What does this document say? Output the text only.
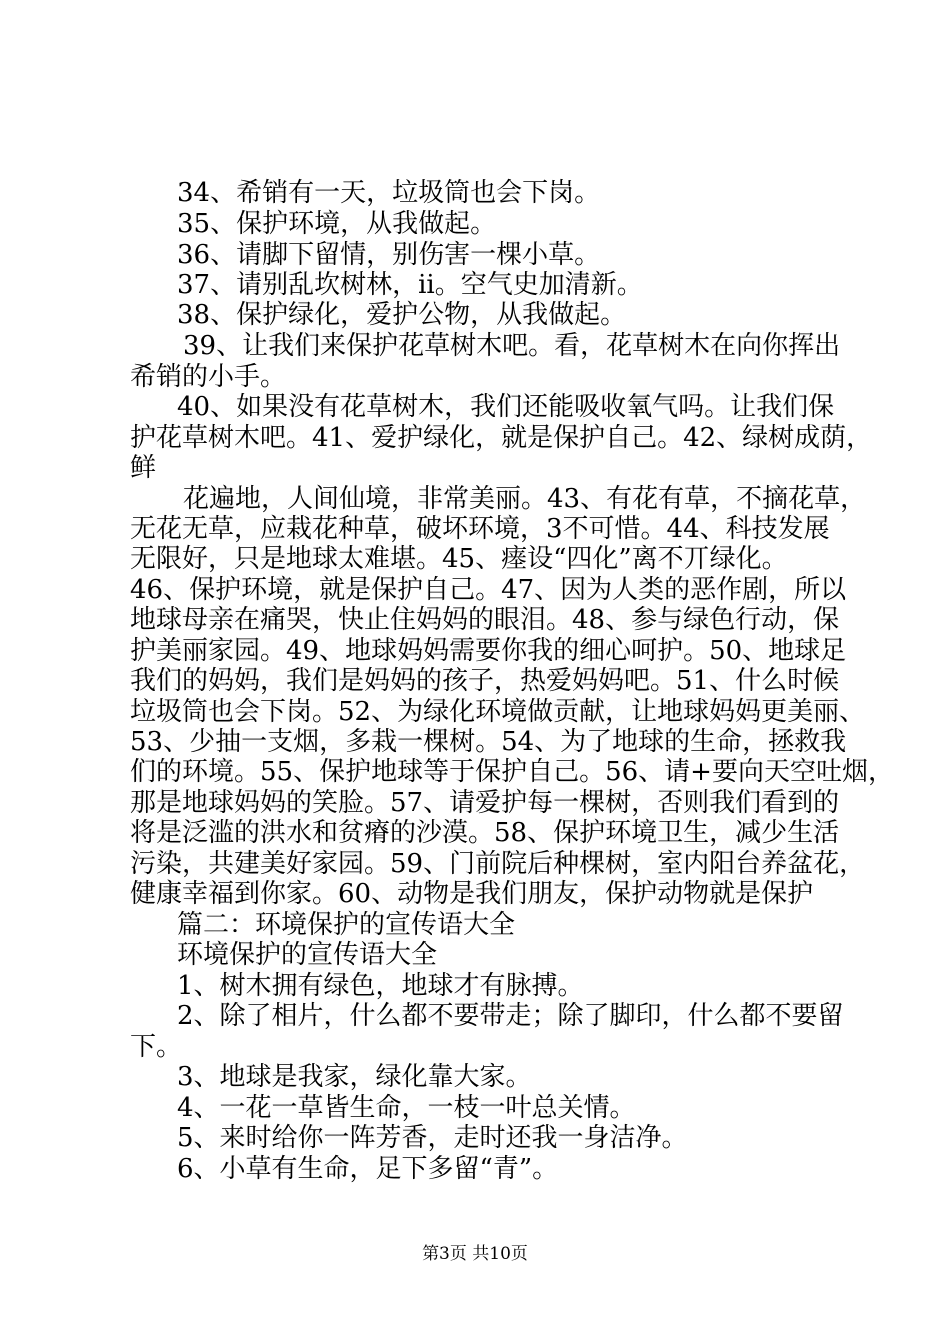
34、希销有一天，垃圾筒也会下岗。
35、保护环境，从我做起。
36、请脚下留情，别伤害一棵小草。
37、请别乱坎树林，ii。空气史加清新。
38、保护绿化，爱护公物，从我做起。
39、让我们来保护花草树木吧。看，花草树木在向你挥出
希销的小手。
40、如果没有花草树木，我们还能吸收氧气吗。让我们保
护花草树木吧。41、爱护绿化，就是保护自己。42、绿树成荫，
鲜
花遍地，人间仙境，非常美丽。43、有花有草，不摘花草，
无花无草，应栽花种草，破坏环境，3不可惜。44、科技发展
无限好，只是地球太难堪。45、瘗设“四化”离不丌绿化。
46、保护环境，就是保护自己。47、因为人类的恶作剧，所以
地球母亲在痛哭，快止住妈妈的眼泪。48、参与绿色行动，保
护美丽家园。49、地球妈妈需要你我的细心呵护。50、地球足
我们的妈妈，我们是妈妈的孩子，热爱妈妈吧。51、什么时候
垃圾筒也会下岗。52、为绿化环境做贡献，让地球妈妈更美丽、
53、少抽一支烟，多栽一棵树。54、为了地球的生命，拯救我
们的环境。55、保护地球等于保护自己。56、请+要向天空吐烟，
那是地球妈妈的笑脸。57、请爱护每一棵树，否则我们看到的
将是泛滥的洪水和贫瘠的沙漠。58、保护环境卫生，减少生活
污染，共建美好家园。59、门前院后种棵树，室内阳台养盆花，
健康幸福到你家。60、动物是我们朋友，保护动物就是保护
篇二：环境保护的宣传语大全
环境保护的宣传语大全
1、树木拥有绿色，地球才有脉搏。
2、除了相片，什么都不要带走；除了脚印，什么都不要留
下。
3、地球是我家，绿化靠大家。
4、一花一草皆生命，一枝一叶总关情。
5、来时给你一阵芳香，走时还我一身洁净。
6、小草有生命，足下多留“青”。
第3页 共10页
